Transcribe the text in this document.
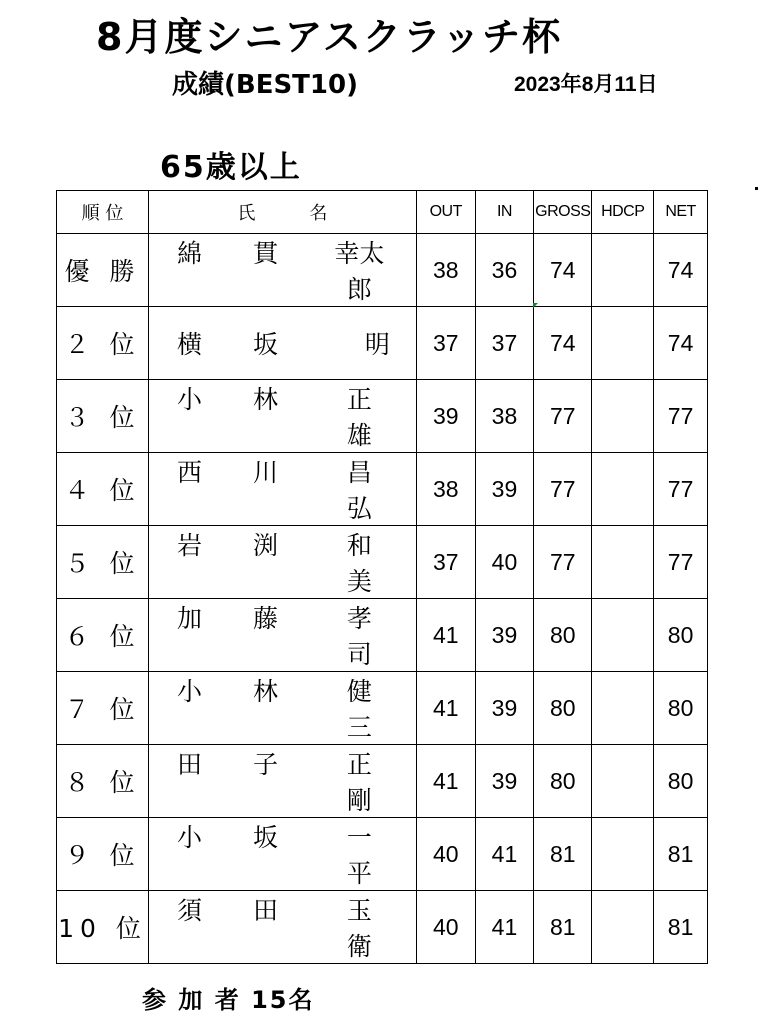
8月度シニアスクラッチ杯
成績(BEST10)	2023年8月11日
65歳以上
順 位	氏　　　名	OUT	IN	GROSS	HDCP	NET
優 勝	綿 貫 幸太郎	38	36	74		74
２ 位	横 坂 明	37	37	74		74
３ 位	小 林 正　雄	39	38	77		77
４ 位	西 川 昌　弘	38	39	77		77
５ 位	岩 渕 和　美	37	40	77		77
６ 位	加 藤 孝　司	41	39	80		80
７ 位	小 林 健　三	41	39	80		80
８ 位	田 子 正　剛	41	39	80		80
９ 位	小 坂 一　平	40	41	81		81
10 位	須 田 玉　衛	40	41	81		81
参 加 者 15名
